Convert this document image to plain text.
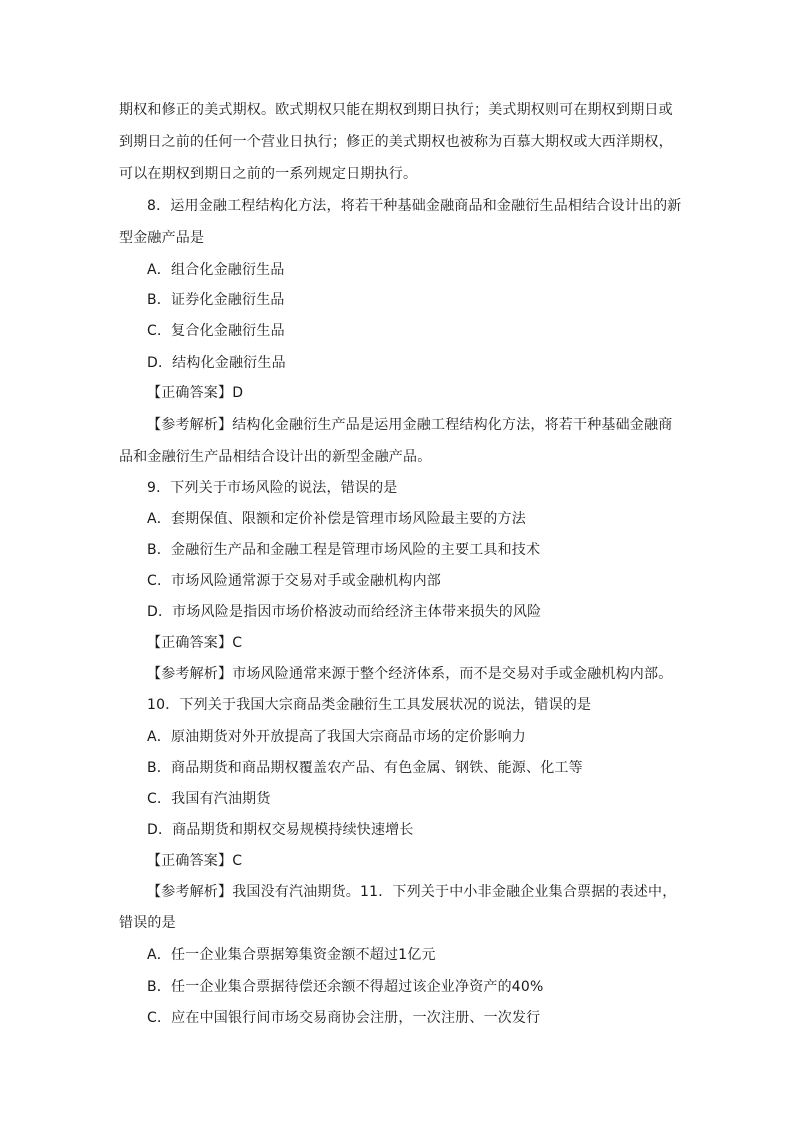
期权和修正的美式期权。欧式期权只能在期权到期日执行；美式期权则可在期权到期日或
到期日之前的任何一个营业日执行；修正的美式期权也被称为百慕大期权或大西洋期权，
可以在期权到期日之前的一系列规定日期执行。
8．运用金融工程结构化方法，将若干种基础金融商品和金融衍生品相结合设计出的新
型金融产品是
A．组合化金融衍生品
B．证券化金融衍生品
C．复合化金融衍生品
D．结构化金融衍生品
【正确答案】D
【参考解析】结构化金融衍生产品是运用金融工程结构化方法，将若干种基础金融商
品和金融衍生产品相结合设计出的新型金融产品。
9．下列关于市场风险的说法，错误的是
A．套期保值、限额和定价补偿是管理市场风险最主要的方法
B．金融衍生产品和金融工程是管理市场风险的主要工具和技术
C．市场风险通常源于交易对手或金融机构内部
D．市场风险是指因市场价格波动而给经济主体带来损失的风险
【正确答案】C
【参考解析】市场风险通常来源于整个经济体系，而不是交易对手或金融机构内部。
10．下列关于我国大宗商品类金融衍生工具发展状况的说法，错误的是
A．原油期货对外开放提高了我国大宗商品市场的定价影响力
B．商品期货和商品期权覆盖农产品、有色金属、钢铁、能源、化工等
C．我国有汽油期货
D．商品期货和期权交易规模持续快速增长
【正确答案】C
【参考解析】我国没有汽油期货。11．下列关于中小非金融企业集合票据的表述中，
错误的是
A．任一企业集合票据筹集资金额不超过1亿元
B．任一企业集合票据待偿还余额不得超过该企业净资产的40%
C．应在中国银行间市场交易商协会注册，一次注册、一次发行
